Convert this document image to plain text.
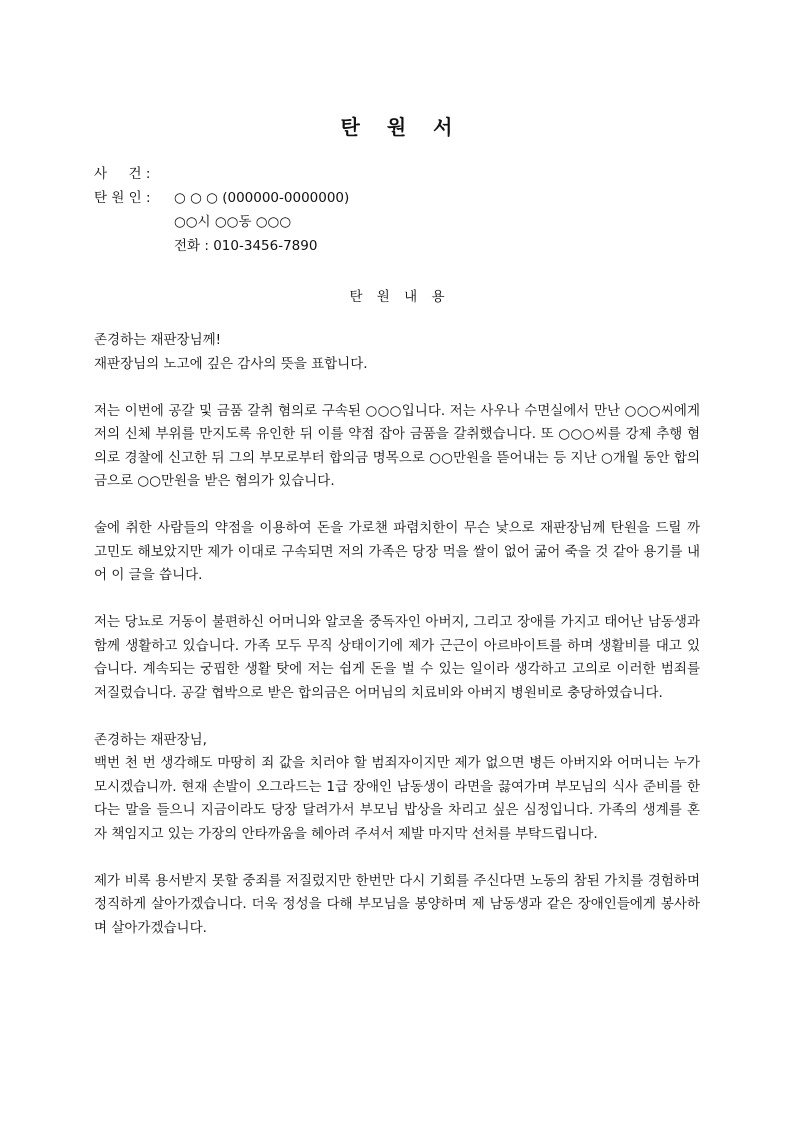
탄 원 서
사     건 :
탄 원 인 : ○ ○ ○ (000000-0000000)
○○시 ○○동 ○○○
전화 : 010-3456-7890
탄 원 내 용

존경하는 재판장님께!

재판장님의 노고에 깊은 감사의 뜻을 표합니다.

저는 이번에 공갈 및 금품 갈취 혐의로 구속된 ○○○입니다. 저는 사우나 수면실에서 만난 ○○○씨에게 저의 신체 부위를 만지도록 유인한 뒤 이를 약점 잡아 금품을 갈취했습니다. 또 ○○○씨를 강제 추행 혐의로 경찰에 신고한 뒤 그의 부모로부터 합의금 명목으로 ○○만원을 뜯어내는 등 지난 ○개월 동안 합의금으로 ○○만원을 받은 혐의가 있습니다.

술에 취한 사람들의 약점을 이용하여 돈을 가로챈 파렴치한이 무슨 낯으로 재판장님께 탄원을 드릴 까 고민도 해보았지만 제가 이대로 구속되면 저의 가족은 당장 먹을 쌀이 없어 굶어 죽을 것 같아 용기를 내어 이 글을 씁니다.

저는 당뇨로 거동이 불편하신 어머니와 알코올 중독자인 아버지, 그리고 장애를 가지고 태어난 남동생과 함께 생활하고 있습니다. 가족 모두 무직 상태이기에 제가 근근이 아르바이트를 하며 생활비를 대고 있습니다. 계속되는 궁핍한 생활 탓에 저는 쉽게 돈을 벌 수 있는 일이라 생각하고 고의로 이러한 범죄를 저질렀습니다. 공갈 협박으로 받은 합의금은 어머님의 치료비와 아버지 병원비로 충당하였습니다.

존경하는 재판장님,

백번 천 번 생각해도 마땅히 죄 값을 치러야 할 범죄자이지만 제가 없으면 병든 아버지와 어머니는 누가 모시겠습니까. 현재 손발이 오그라드는 1급 장애인 남동생이 라면을 끓여가며 부모님의 식사 준비를 한다는 말을 들으니 지금이라도 당장 달려가서 부모님 밥상을 차리고 싶은 심정입니다. 가족의 생계를 혼자 책임지고 있는 가장의 안타까움을 헤아려 주셔서 제발 마지막 선처를 부탁드립니다.

제가 비록 용서받지 못할 중죄를 저질렀지만 한번만 다시 기회를 주신다면 노동의 참된 가치를 경험하며 정직하게 살아가겠습니다. 더욱 정성을 다해 부모님을 봉양하며 제 남동생과 같은 장애인들에게 봉사하며 살아가겠습니다.
